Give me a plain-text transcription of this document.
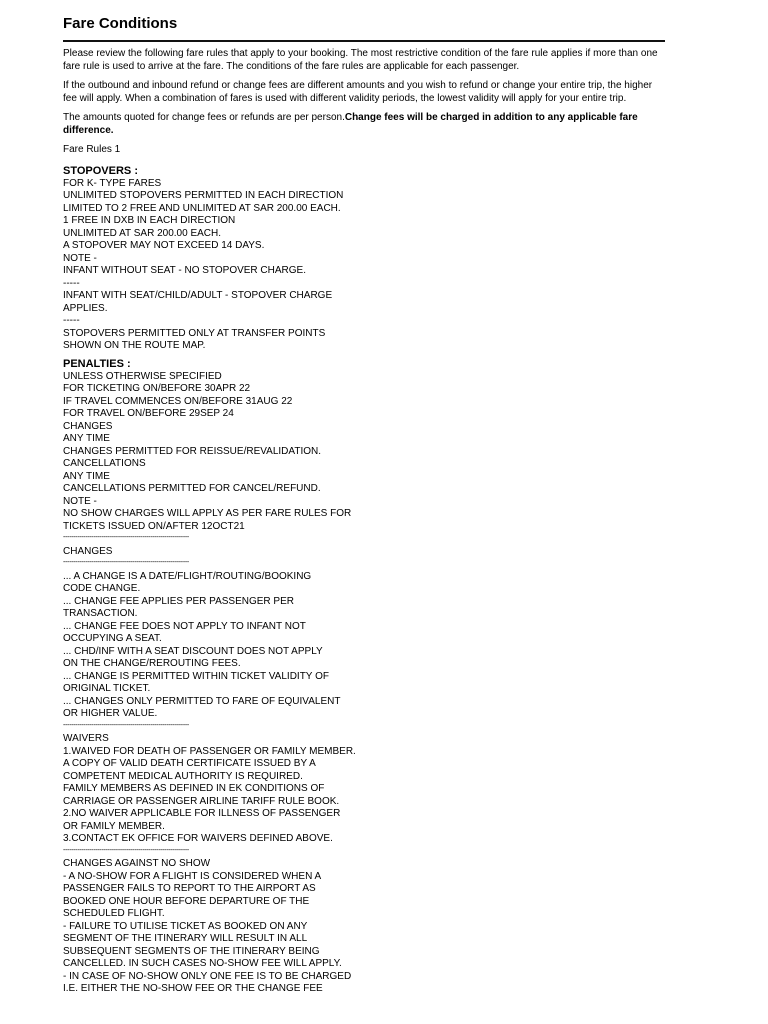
Fare Conditions

Please review the following fare rules that apply to your booking. The most restrictive condition of the fare rule applies if more than one fare rule is used to arrive at the fare. The conditions of the fare rules are applicable for each passenger.

If the outbound and inbound refund or change fees are different amounts and you wish to refund or change your entire trip, the higher fee will apply. When a combination of fares is used with different validity periods, the lowest validity will apply for your entire trip.

The amounts quoted for change fees or refunds are per person.Change fees will be charged in addition to any applicable fare difference.

Fare Rules 1

STOPOVERS :
FOR K- TYPE FARES
UNLIMITED STOPOVERS PERMITTED IN EACH DIRECTION
LIMITED TO 2 FREE AND UNLIMITED AT SAR 200.00 EACH.
1 FREE IN DXB IN EACH DIRECTION
UNLIMITED AT SAR 200.00 EACH.
A STOPOVER MAY NOT EXCEED 14 DAYS.
NOTE -
INFANT WITHOUT SEAT - NO STOPOVER CHARGE.
-----
INFANT WITH SEAT/CHILD/ADULT - STOPOVER CHARGE
APPLIES.
-----
STOPOVERS PERMITTED ONLY AT TRANSFER POINTS
SHOWN ON THE ROUTE MAP.
PENALTIES :
UNLESS OTHERWISE SPECIFIED
FOR TICKETING ON/BEFORE 30APR 22
IF TRAVEL COMMENCES ON/BEFORE 31AUG 22
FOR TRAVEL ON/BEFORE 29SEP 24
CHANGES
ANY TIME
CHANGES PERMITTED FOR REISSUE/REVALIDATION.
CANCELLATIONS
ANY TIME
CANCELLATIONS PERMITTED FOR CANCEL/REFUND.
NOTE -
NO SHOW CHARGES WILL APPLY AS PER FARE RULES FOR
TICKETS ISSUED ON/AFTER 12OCT21
--------------------------------------------------------------
CHANGES
--------------------------------------------------------------
... A CHANGE IS A DATE/FLIGHT/ROUTING/BOOKING
CODE CHANGE.
... CHANGE FEE APPLIES PER PASSENGER PER
TRANSACTION.
... CHANGE FEE DOES NOT APPLY TO INFANT NOT
OCCUPYING A SEAT.
... CHD/INF WITH A SEAT DISCOUNT DOES NOT APPLY
ON THE CHANGE/REROUTING FEES.
... CHANGE IS PERMITTED WITHIN TICKET VALIDITY OF
ORIGINAL TICKET.
... CHANGES ONLY PERMITTED TO FARE OF EQUIVALENT
OR HIGHER VALUE.
--------------------------------------------------------------
WAIVERS
1.WAIVED FOR DEATH OF PASSENGER OR FAMILY MEMBER.
A COPY OF VALID DEATH CERTIFICATE ISSUED BY A
COMPETENT MEDICAL AUTHORITY IS REQUIRED.
FAMILY MEMBERS AS DEFINED IN EK CONDITIONS OF
CARRIAGE OR PASSENGER AIRLINE TARIFF RULE BOOK.
2.NO WAIVER APPLICABLE FOR ILLNESS OF PASSENGER
OR FAMILY MEMBER.
3.CONTACT EK OFFICE FOR WAIVERS DEFINED ABOVE.
--------------------------------------------------------------
CHANGES AGAINST NO SHOW
- A NO-SHOW FOR A FLIGHT IS CONSIDERED WHEN A
PASSENGER FAILS TO REPORT TO THE AIRPORT AS
BOOKED ONE HOUR BEFORE DEPARTURE OF THE
SCHEDULED FLIGHT.
- FAILURE TO UTILISE TICKET AS BOOKED ON ANY
SEGMENT OF THE ITINERARY WILL RESULT IN ALL
SUBSEQUENT SEGMENTS OF THE ITINERARY BEING
CANCELLED. IN SUCH CASES NO-SHOW FEE WILL APPLY.
- IN CASE OF NO-SHOW ONLY ONE FEE IS TO BE CHARGED
I.E. EITHER THE NO-SHOW FEE OR THE CHANGE FEE
